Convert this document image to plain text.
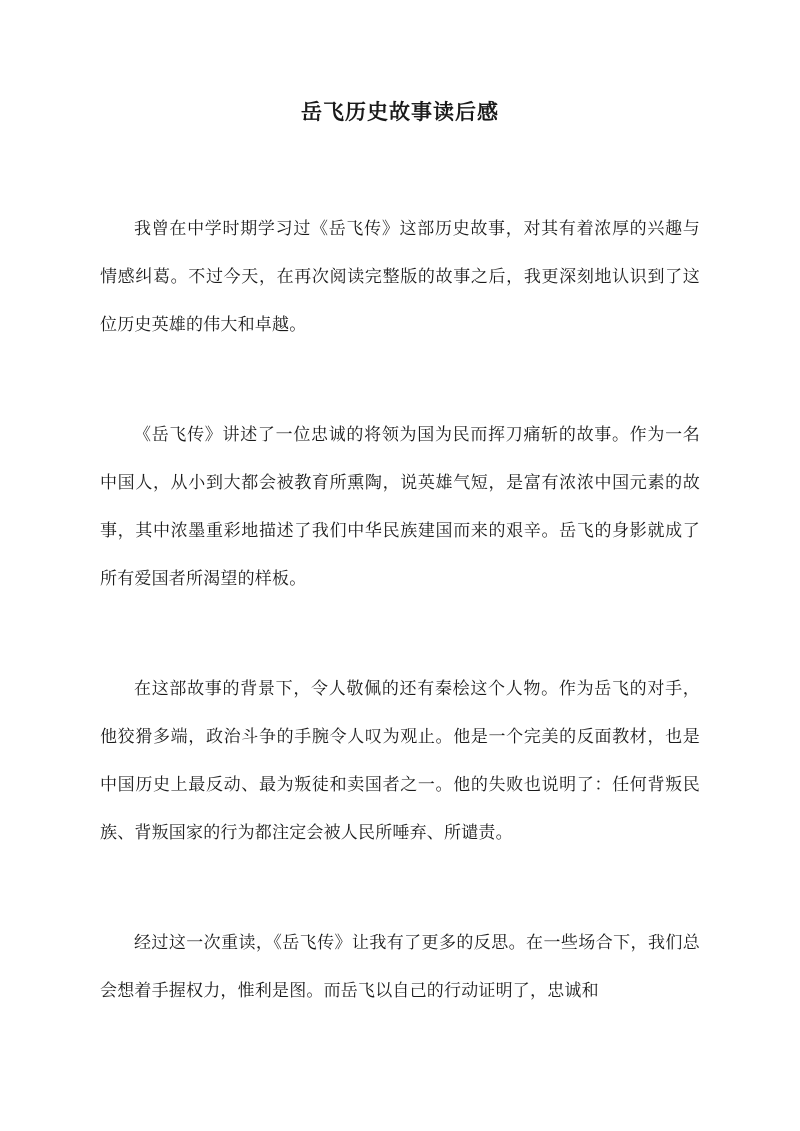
岳飞历史故事读后感

我曾在中学时期学习过《岳飞传》这部历史故事，对其有着浓厚的兴趣与情感纠葛。不过今天，在再次阅读完整版的故事之后，我更深刻地认识到了这位历史英雄的伟大和卓越。

《岳飞传》讲述了一位忠诚的将领为国为民而挥刀痛斩的故事。作为一名中国人，从小到大都会被教育所熏陶，说英雄气短，是富有浓浓中国元素的故事，其中浓墨重彩地描述了我们中华民族建国而来的艰辛。岳飞的身影就成了所有爱国者所渴望的样板。

在这部故事的背景下，令人敬佩的还有秦桧这个人物。作为岳飞的对手，他狡猾多端，政治斗争的手腕令人叹为观止。他是一个完美的反面教材，也是中国历史上最反动、最为叛徒和卖国者之一。他的失败也说明了：任何背叛民族、背叛国家的行为都注定会被人民所唾弃、所谴责。

经过这一次重读，《岳飞传》让我有了更多的反思。在一些场合下，我们总会想着手握权力，惟利是图。而岳飞以自己的行动证明了，忠诚和
